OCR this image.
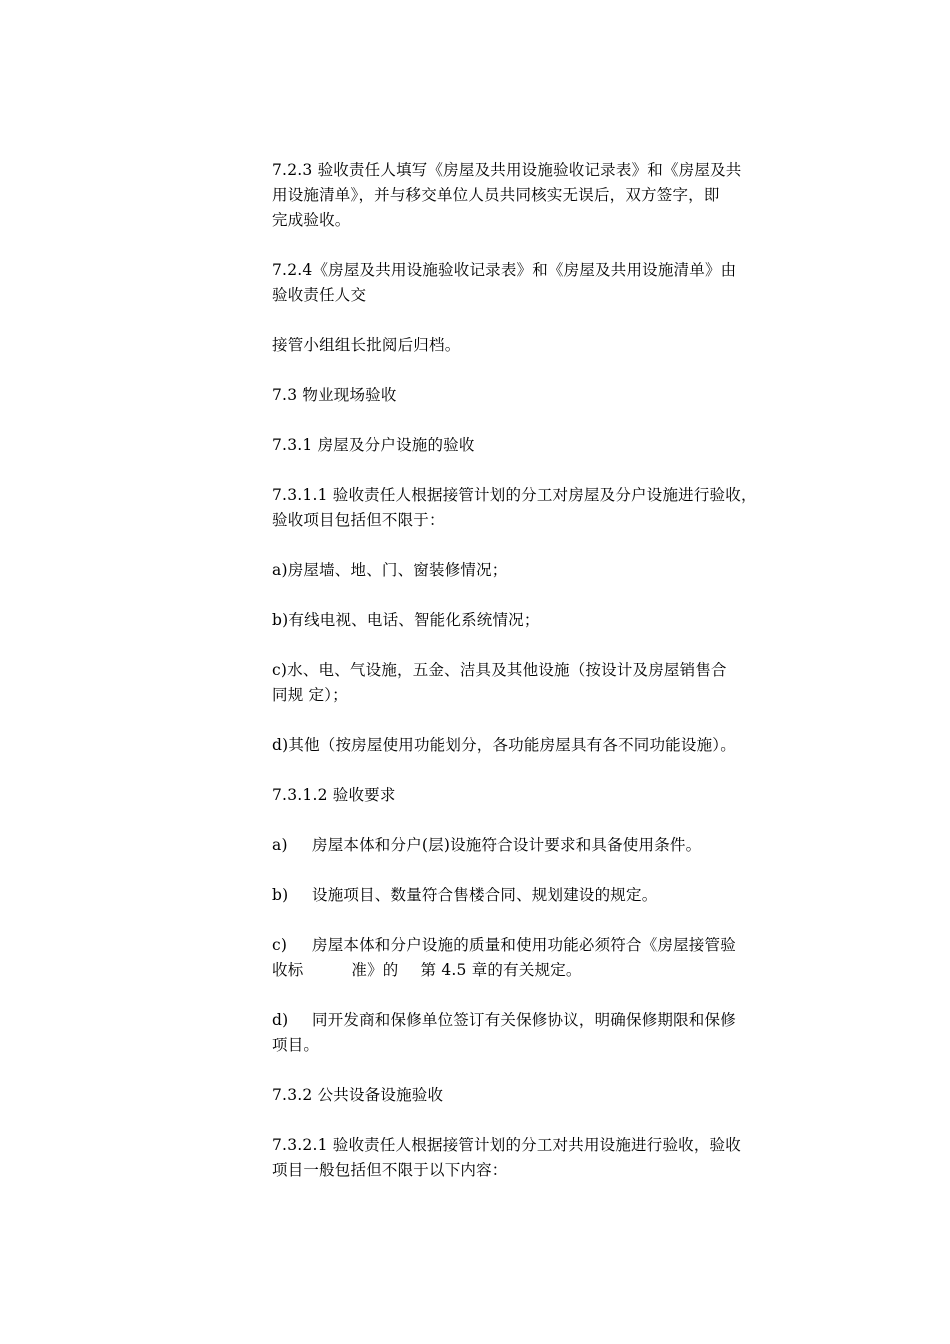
7.2.3 验收责任人填写《房屋及共用设施验收记录表》和《房屋及共
用设施清单》，并与移交单位人员共同核实无误后，双方签字，即
完成验收。

7.2.4《房屋及共用设施验收记录表》和《房屋及共用设施清单》由
验收责任人交

接管小组组长批阅后归档。

7.3 物业现场验收

7.3.1 房屋及分户设施的验收

7.3.1.1 验收责任人根据接管计划的分工对房屋及分户设施进行验收，
验收项目包括但不限于：

a)房屋墙、地、门、窗装修情况；

b)有线电视、电话、智能化系统情况；

c)水、电、气设施，五金、洁具及其他设施（按设计及房屋销售合
同规 定）；

d)其他（按房屋使用功能划分，各功能房屋具有各不同功能设施）。

7.3.1.2 验收要求

a) 房屋本体和分户(层)设施符合设计要求和具备使用条件。

b) 设施项目、数量符合售楼合同、规划建设的规定。

c) 房屋本体和分户设施的质量和使用功能必须符合《房屋接管验
收标	准》的 第 4.5 章的有关规定。

d) 同开发商和保修单位签订有关保修协议，明确保修期限和保修
项目。

7.3.2 公共设备设施验收

7.3.2.1 验收责任人根据接管计划的分工对共用设施进行验收，验收
项目一般包括但不限于以下内容：
